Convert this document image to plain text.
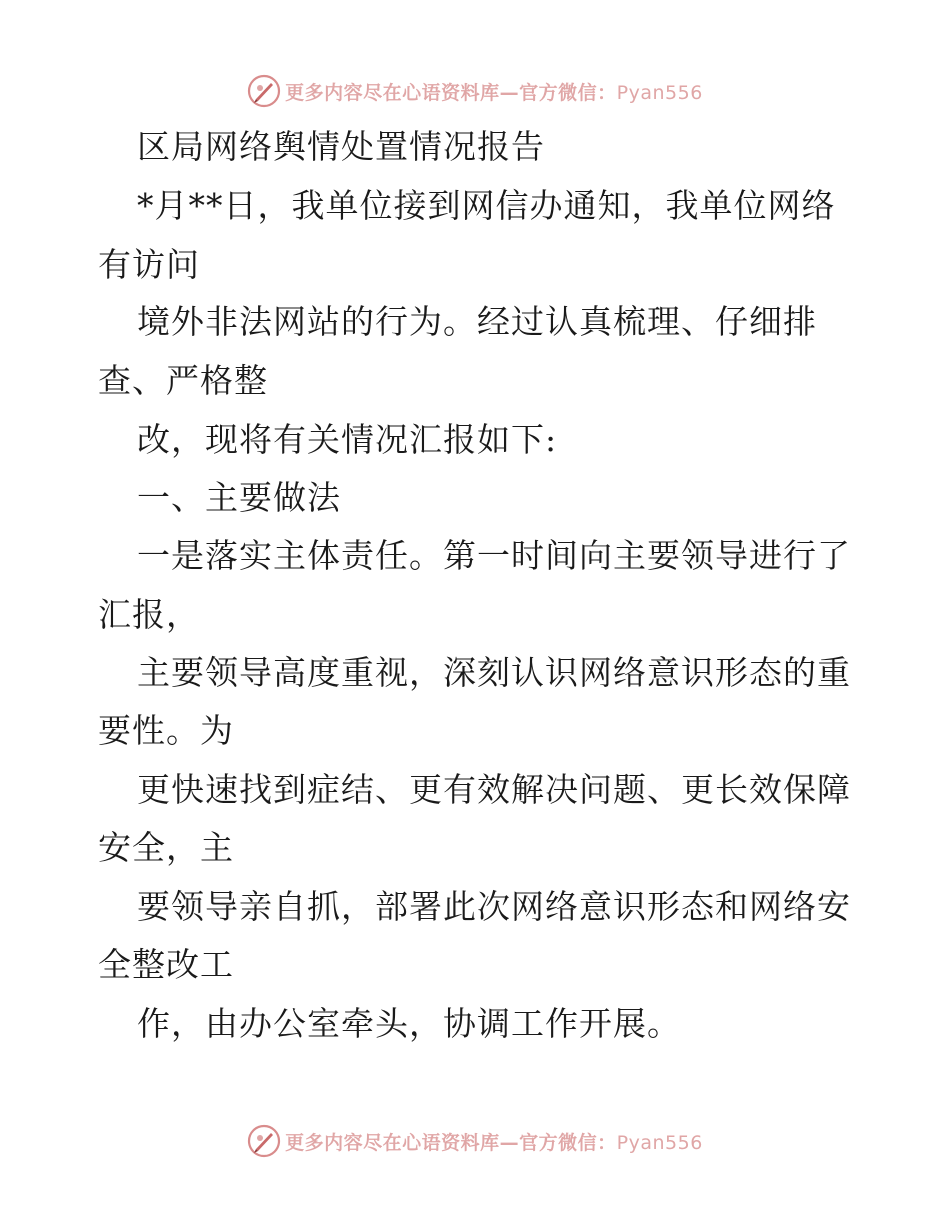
更多内容尽在心语资料库—官方微信：Pyan556
区局网络舆情处置情况报告
*月**日，我单位接到网信办通知，我单位网络
有访问
境外非法网站的行为。经过认真梳理、仔细排
查、严格整
改，现将有关情况汇报如下:
一、主要做法
一是落实主体责任。第一时间向主要领导进行了
汇报，
主要领导高度重视，深刻认识网络意识形态的重
要性。为
更快速找到症结、更有效解决问题、更长效保障
安全，主
要领导亲自抓，部署此次网络意识形态和网络安
全整改工
作，由办公室牵头，协调工作开展。
更多内容尽在心语资料库—官方微信：Pyan556
